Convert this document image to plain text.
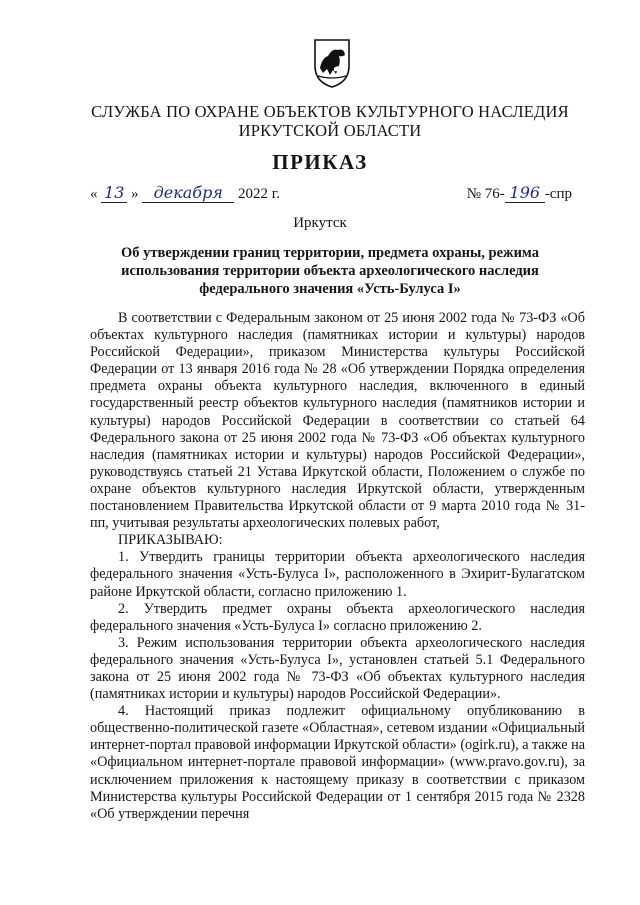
СЛУЖБА ПО ОХРАНЕ ОБЪЕКТОВ КУЛЬТУРНОГО НАСЛЕДИЯ
ИРКУТСКОЙ ОБЛАСТИ
ПРИКАЗ
« 13 » декабря 2022 г.	№ 76- 196 -спр
Иркутск
Об утверждении границ территории, предмета охраны, режима использования территории объекта археологического наследия федерального значения «Усть-Булуса I»

В соответствии с Федеральным законом от 25 июня 2002 года № 73-ФЗ «Об объектах культурного наследия (памятниках истории и культуры) народов Российской Федерации», приказом Министерства культуры Российской Федерации от 13 января 2016 года № 28 «Об утверждении Порядка определения предмета охраны объекта культурного наследия, включенного в единый государственный реестр объектов культурного наследия (памятников истории и культуры) народов Российской Федерации в соответствии со статьей 64 Федерального закона от 25 июня 2002 года № 73-ФЗ «Об объектах культурного наследия (памятниках истории и культуры) народов Российской Федерации», руководствуясь статьей 21 Устава Иркутской области, Положением о службе по охране объектов культурного наследия Иркутской области, утвержденным постановлением Правительства Иркутской области от 9 марта 2010 года № 31-пп, учитывая результаты археологических полевых работ,

ПРИКАЗЫВАЮ:

1. Утвердить границы территории объекта археологического наследия федерального значения «Усть-Булуса I», расположенного в Эхирит-Булагатском районе Иркутской области, согласно приложению 1.

2. Утвердить предмет охраны объекта археологического наследия федерального значения «Усть-Булуса I» согласно приложению 2.

3. Режим использования территории объекта археологического наследия федерального значения «Усть-Булуса I», установлен статьей 5.1 Федерального закона от 25 июня 2002 года № 73-ФЗ «Об объектах культурного наследия (памятниках истории и культуры) народов Российской Федерации».

4. Настоящий приказ подлежит официальному опубликованию в общественно-политической газете «Областная», сетевом издании «Официальный интернет-портал правовой информации Иркутской области» (ogirk.ru), а также на «Официальном интернет-портале правовой информации» (www.pravo.gov.ru), за исключением приложения к настоящему приказу в соответствии с приказом Министерства культуры Российской Федерации от 1 сентября 2015 года № 2328 «Об утверждении перечня
